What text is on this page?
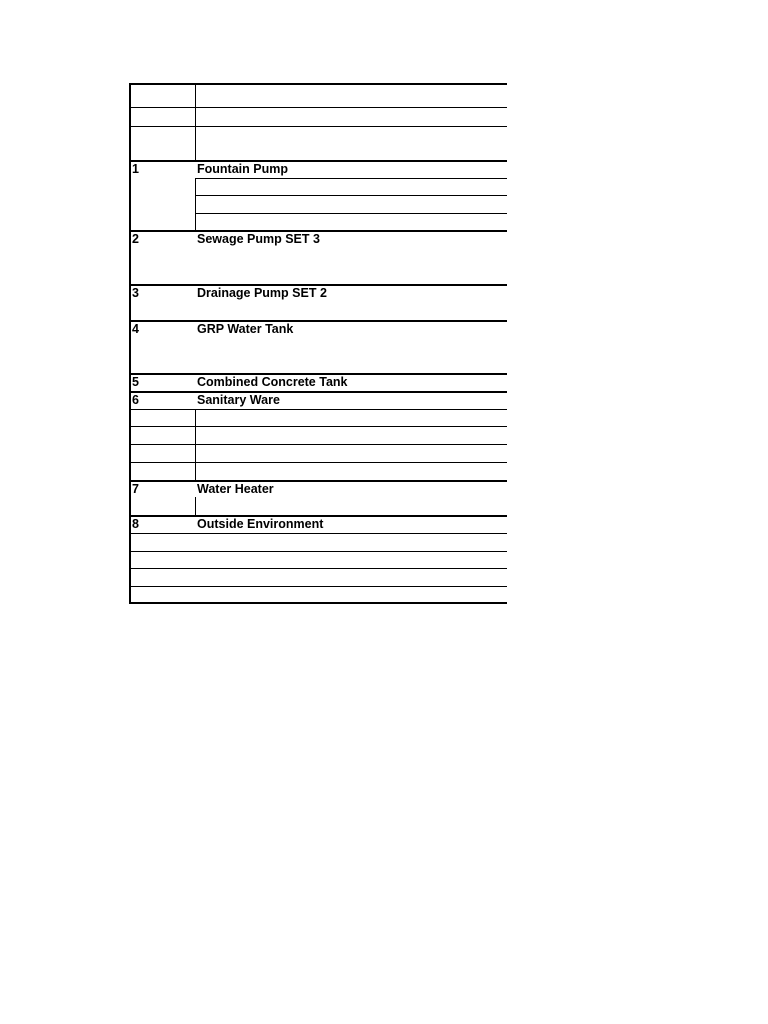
1	Fountain Pump
2	Sewage Pump SET 3
3	Drainage Pump SET 2
4	GRP Water Tank
5	Combined Concrete Tank
6	Sanitary Ware
7	Water Heater
8	Outside Environment
